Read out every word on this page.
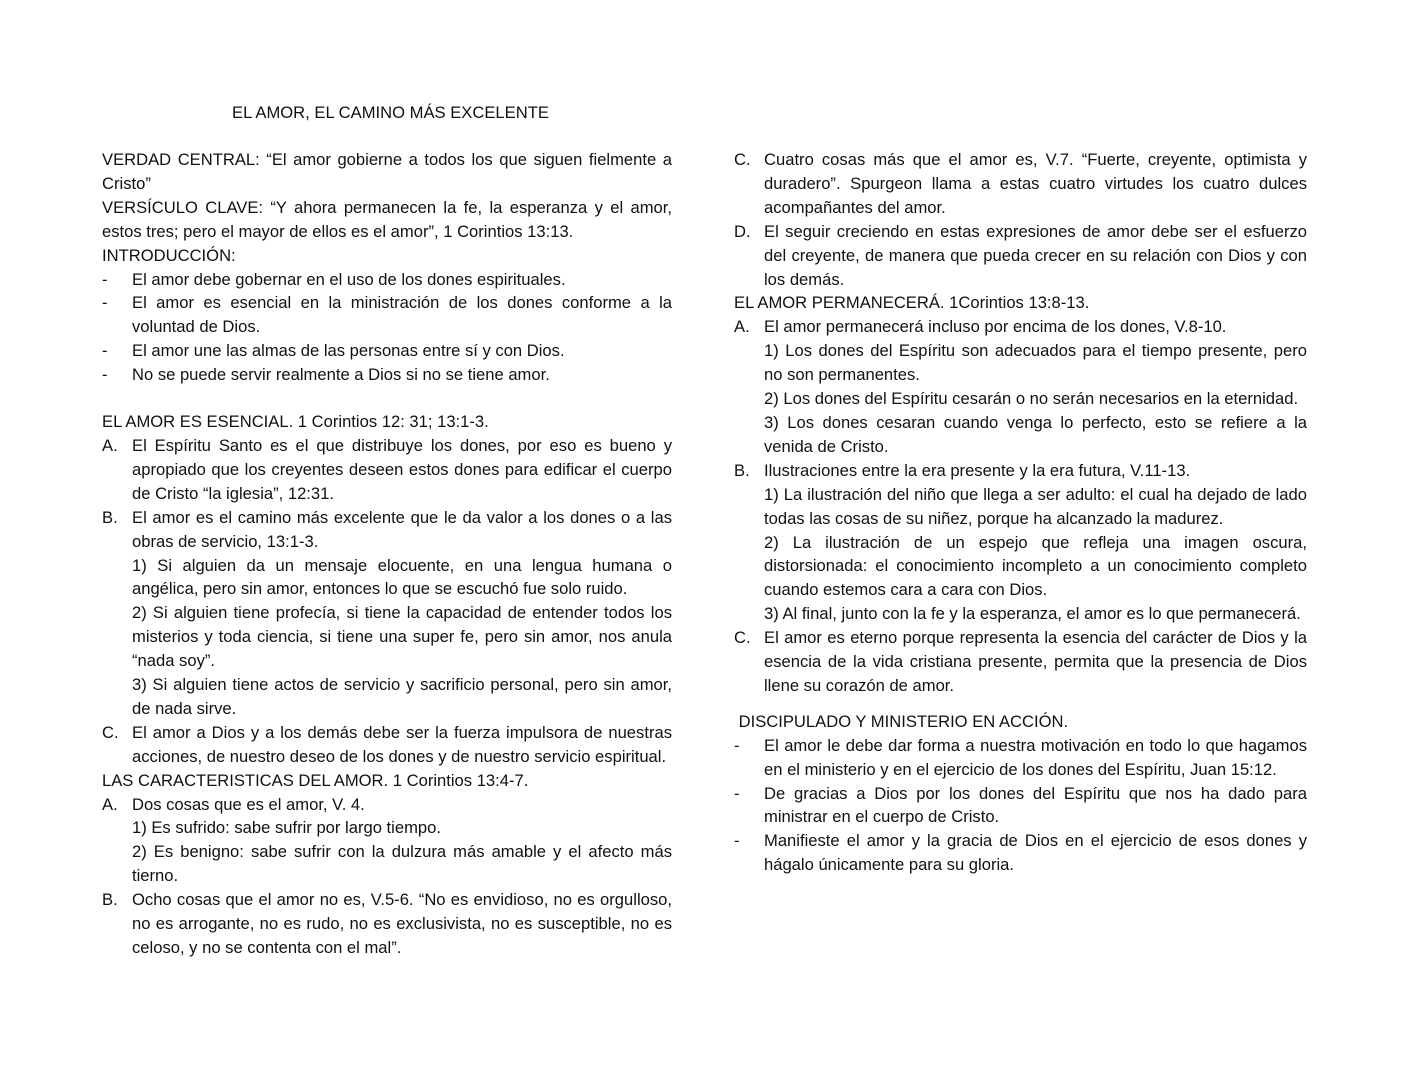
EL AMOR, EL CAMINO MÁS EXCELENTE

VERDAD CENTRAL: “El amor gobierne a todos los que siguen fielmente a Cristo”

VERSÍCULO CLAVE: “Y ahora permanecen la fe, la esperanza y el amor, estos tres; pero el mayor de ellos es el amor”, 1 Corintios 13:13.

INTRODUCCIÓN:

-	El amor debe gobernar en el uso de los dones espirituales.
-	El amor es esencial en la ministración de los dones conforme a la voluntad de Dios.
-	El amor une las almas de las personas entre sí y con Dios.
-	No se puede servir realmente a Dios si no se tiene amor.

EL AMOR ES ESENCIAL. 1 Corintios 12: 31; 13:1-3.

A. El Espíritu Santo es el que distribuye los dones, por eso es bueno y apropiado que los creyentes deseen estos dones para edificar el cuerpo de Cristo “la iglesia”, 12:31.
B. El amor es el camino más excelente que le da valor a los dones o a las obras de servicio, 13:1-3.

1) Si alguien da un mensaje elocuente, en una lengua humana o angélica, pero sin amor, entonces lo que se escuchó fue solo ruido.

2) Si alguien tiene profecía, si tiene la capacidad de entender todos los misterios y toda ciencia, si tiene una super fe, pero sin amor, nos anula “nada soy”.

3) Si alguien tiene actos de servicio y sacrificio personal, pero sin amor, de nada sirve.

C. El amor a Dios y a los demás debe ser la fuerza impulsora de nuestras acciones, de nuestro deseo de los dones y de nuestro servicio espiritual.

LAS CARACTERISTICAS DEL AMOR. 1 Corintios 13:4-7.

A. Dos cosas que es el amor, V. 4.

1) Es sufrido: sabe sufrir por largo tiempo.

2) Es benigno: sabe sufrir con la dulzura más amable y el afecto más tierno.

B. Ocho cosas que el amor no es, V.5-6. “No es envidioso, no es orgulloso, no es arrogante, no es rudo, no es exclusivista, no es susceptible, no es celoso, y no se contenta con el mal”.
C. Cuatro cosas más que el amor es, V.7. “Fuerte, creyente, optimista y duradero”. Spurgeon llama a estas cuatro virtudes los cuatro dulces acompañantes del amor.
D. El seguir creciendo en estas expresiones de amor debe ser el esfuerzo del creyente, de manera que pueda crecer en su relación con Dios y con los demás.

EL AMOR PERMANECERÁ. 1Corintios 13:8-13.

A. El amor permanecerá incluso por encima de los dones, V.8-10.

1) Los dones del Espíritu son adecuados para el tiempo presente, pero no son permanentes.

2) Los dones del Espíritu cesarán o no serán necesarios en la eternidad.

3) Los dones cesaran cuando venga lo perfecto, esto se refiere a la venida de Cristo.

B. Ilustraciones entre la era presente y la era futura, V.11-13.

1) La ilustración del niño que llega a ser adulto: el cual ha dejado de lado todas las cosas de su niñez, porque ha alcanzado la madurez.

2) La ilustración de un espejo que refleja una imagen oscura, distorsionada: el conocimiento incompleto a un conocimiento completo cuando estemos cara a cara con Dios.

3) Al final, junto con la fe y la esperanza, el amor es lo que permanecerá.

C. El amor es eterno porque representa la esencia del carácter de Dios y la esencia de la vida cristiana presente, permita que la presencia de Dios llene su corazón de amor.

DISCIPULADO Y MINISTERIO EN ACCIÓN.

-	El amor le debe dar forma a nuestra motivación en todo lo que hagamos en el ministerio y en el ejercicio de los dones del Espíritu, Juan 15:12.
-	De gracias a Dios por los dones del Espíritu que nos ha dado para ministrar en el cuerpo de Cristo.
-	Manifieste el amor y la gracia de Dios en el ejercicio de esos dones y hágalo únicamente para su gloria.
